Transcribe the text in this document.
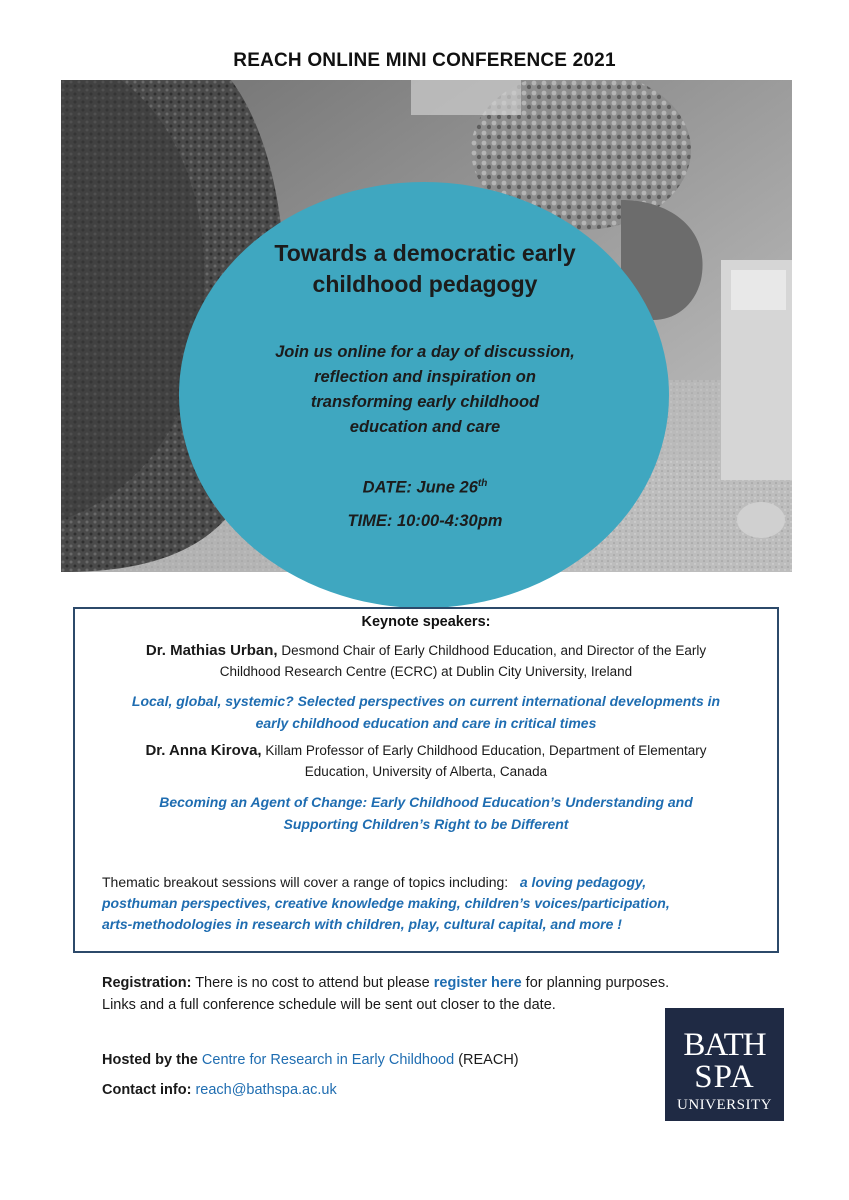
REACH ONLINE MINI CONFERENCE 2021
Towards a democratic early
childhood pedagogy
Join us online for a day of discussion,
reflection and inspiration on
transforming early childhood
education and care
DATE: June 26th
TIME: 10:00-4:30pm
Keynote speakers:
Dr. Mathias Urban, Desmond Chair of Early Childhood Education, and Director of the Early
Childhood Research Centre (ECRC) at Dublin City University, Ireland
Local, global, systemic? Selected perspectives on current international developments in
early childhood education and care in critical times
Dr. Anna Kirova, Killam Professor of Early Childhood Education, Department of Elementary
Education, University of Alberta, Canada
Becoming an Agent of Change: Early Childhood Education’s Understanding and
Supporting Children’s Right to be Different
Thematic breakout sessions will cover a range of topics including: a loving pedagogy,
posthuman perspectives, creative knowledge making, children’s voices/participation,
arts-methodologies in research with children, play, cultural capital, and more !
Registration: There is no cost to attend but please register here for planning purposes.
Links and a full conference schedule will be sent out closer to the date.
Hosted by the Centre for Research in Early Childhood (REACH)
Contact info: reach@bathspa.ac.uk
BATH
SPA
UNIVERSITY
